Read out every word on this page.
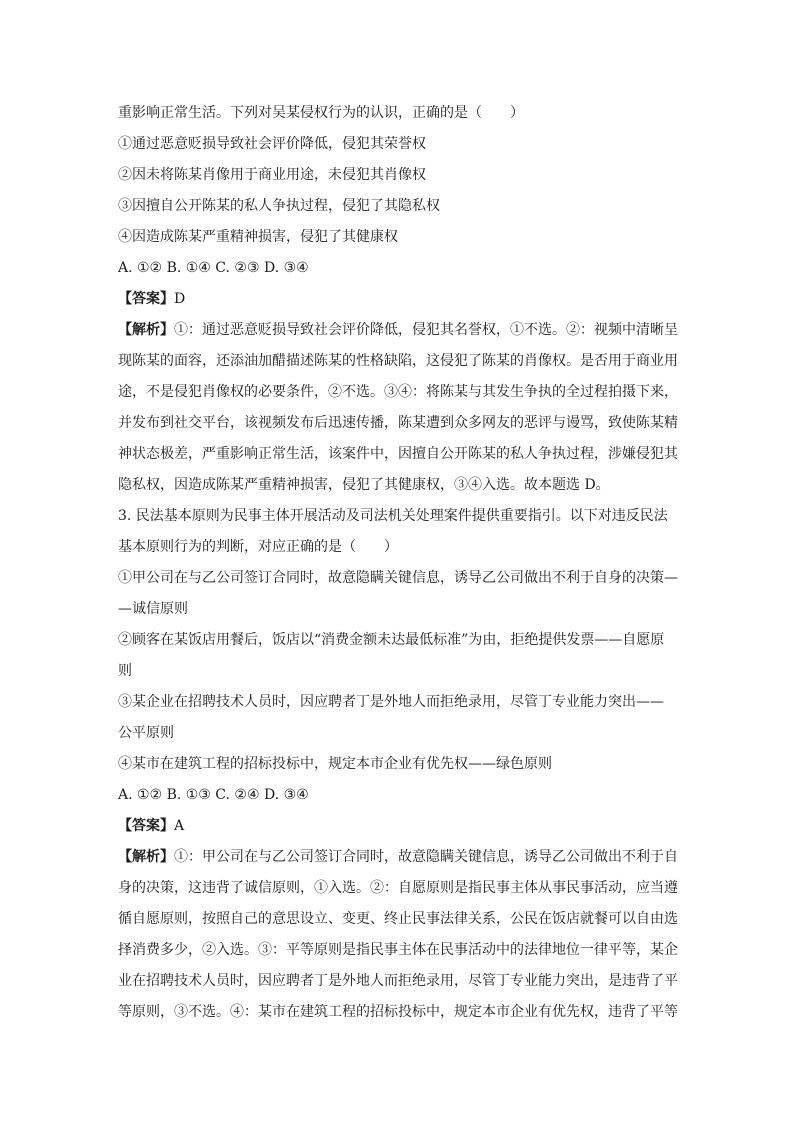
重影响正常生活。下列对吴某侵权行为的认识，正确的是（　　）
①通过恶意贬损导致社会评价降低，侵犯其荣誉权
②因未将陈某肖像用于商业用途，未侵犯其肖像权
③因擅自公开陈某的私人争执过程，侵犯了其隐私权
④因造成陈某严重精神损害，侵犯了其健康权
A. ①② B. ①④ C. ②③ D. ③④
【答案】D
【解析】①：通过恶意贬损导致社会评价降低，侵犯其名誉权，①不选。②：视频中清晰呈
现陈某的面容，还添油加醋描述陈某的性格缺陷，这侵犯了陈某的肖像权。是否用于商业用
途，不是侵犯肖像权的必要条件，②不选。③④：将陈某与其发生争执的全过程拍摄下来，
并发布到社交平台，该视频发布后迅速传播，陈某遭到众多网友的恶评与谩骂，致使陈某精
神状态极差，严重影响正常生活，该案件中，因擅自公开陈某的私人争执过程，涉嫌侵犯其
隐私权，因造成陈某严重精神损害，侵犯了其健康权，③④入选。故本题选 D。
3. 民法基本原则为民事主体开展活动及司法机关处理案件提供重要指引。以下对违反民法
基本原则行为的判断，对应正确的是（　　）
①甲公司在与乙公司签订合同时，故意隐瞒关键信息，诱导乙公司做出不利于自身的决策—
—诚信原则
②顾客在某饭店用餐后，饭店以“消费金额未达最低标准”为由，拒绝提供发票——自愿原
则
③某企业在招聘技术人员时，因应聘者丁是外地人而拒绝录用，尽管丁专业能力突出——
公平原则
④某市在建筑工程的招标投标中，规定本市企业有优先权——绿色原则
A. ①② B. ①③ C. ②④ D. ③④
【答案】A
【解析】①：甲公司在与乙公司签订合同时，故意隐瞒关键信息，诱导乙公司做出不利于自
身的决策，这违背了诚信原则，①入选。②：自愿原则是指民事主体从事民事活动，应当遵
循自愿原则，按照自己的意思设立、变更、终止民事法律关系，公民在饭店就餐可以自由选
择消费多少，②入选。③：平等原则是指民事主体在民事活动中的法律地位一律平等，某企
业在招聘技术人员时，因应聘者丁是外地人而拒绝录用，尽管丁专业能力突出，是违背了平
等原则，③不选。④：某市在建筑工程的招标投标中，规定本市企业有优先权，违背了平等
